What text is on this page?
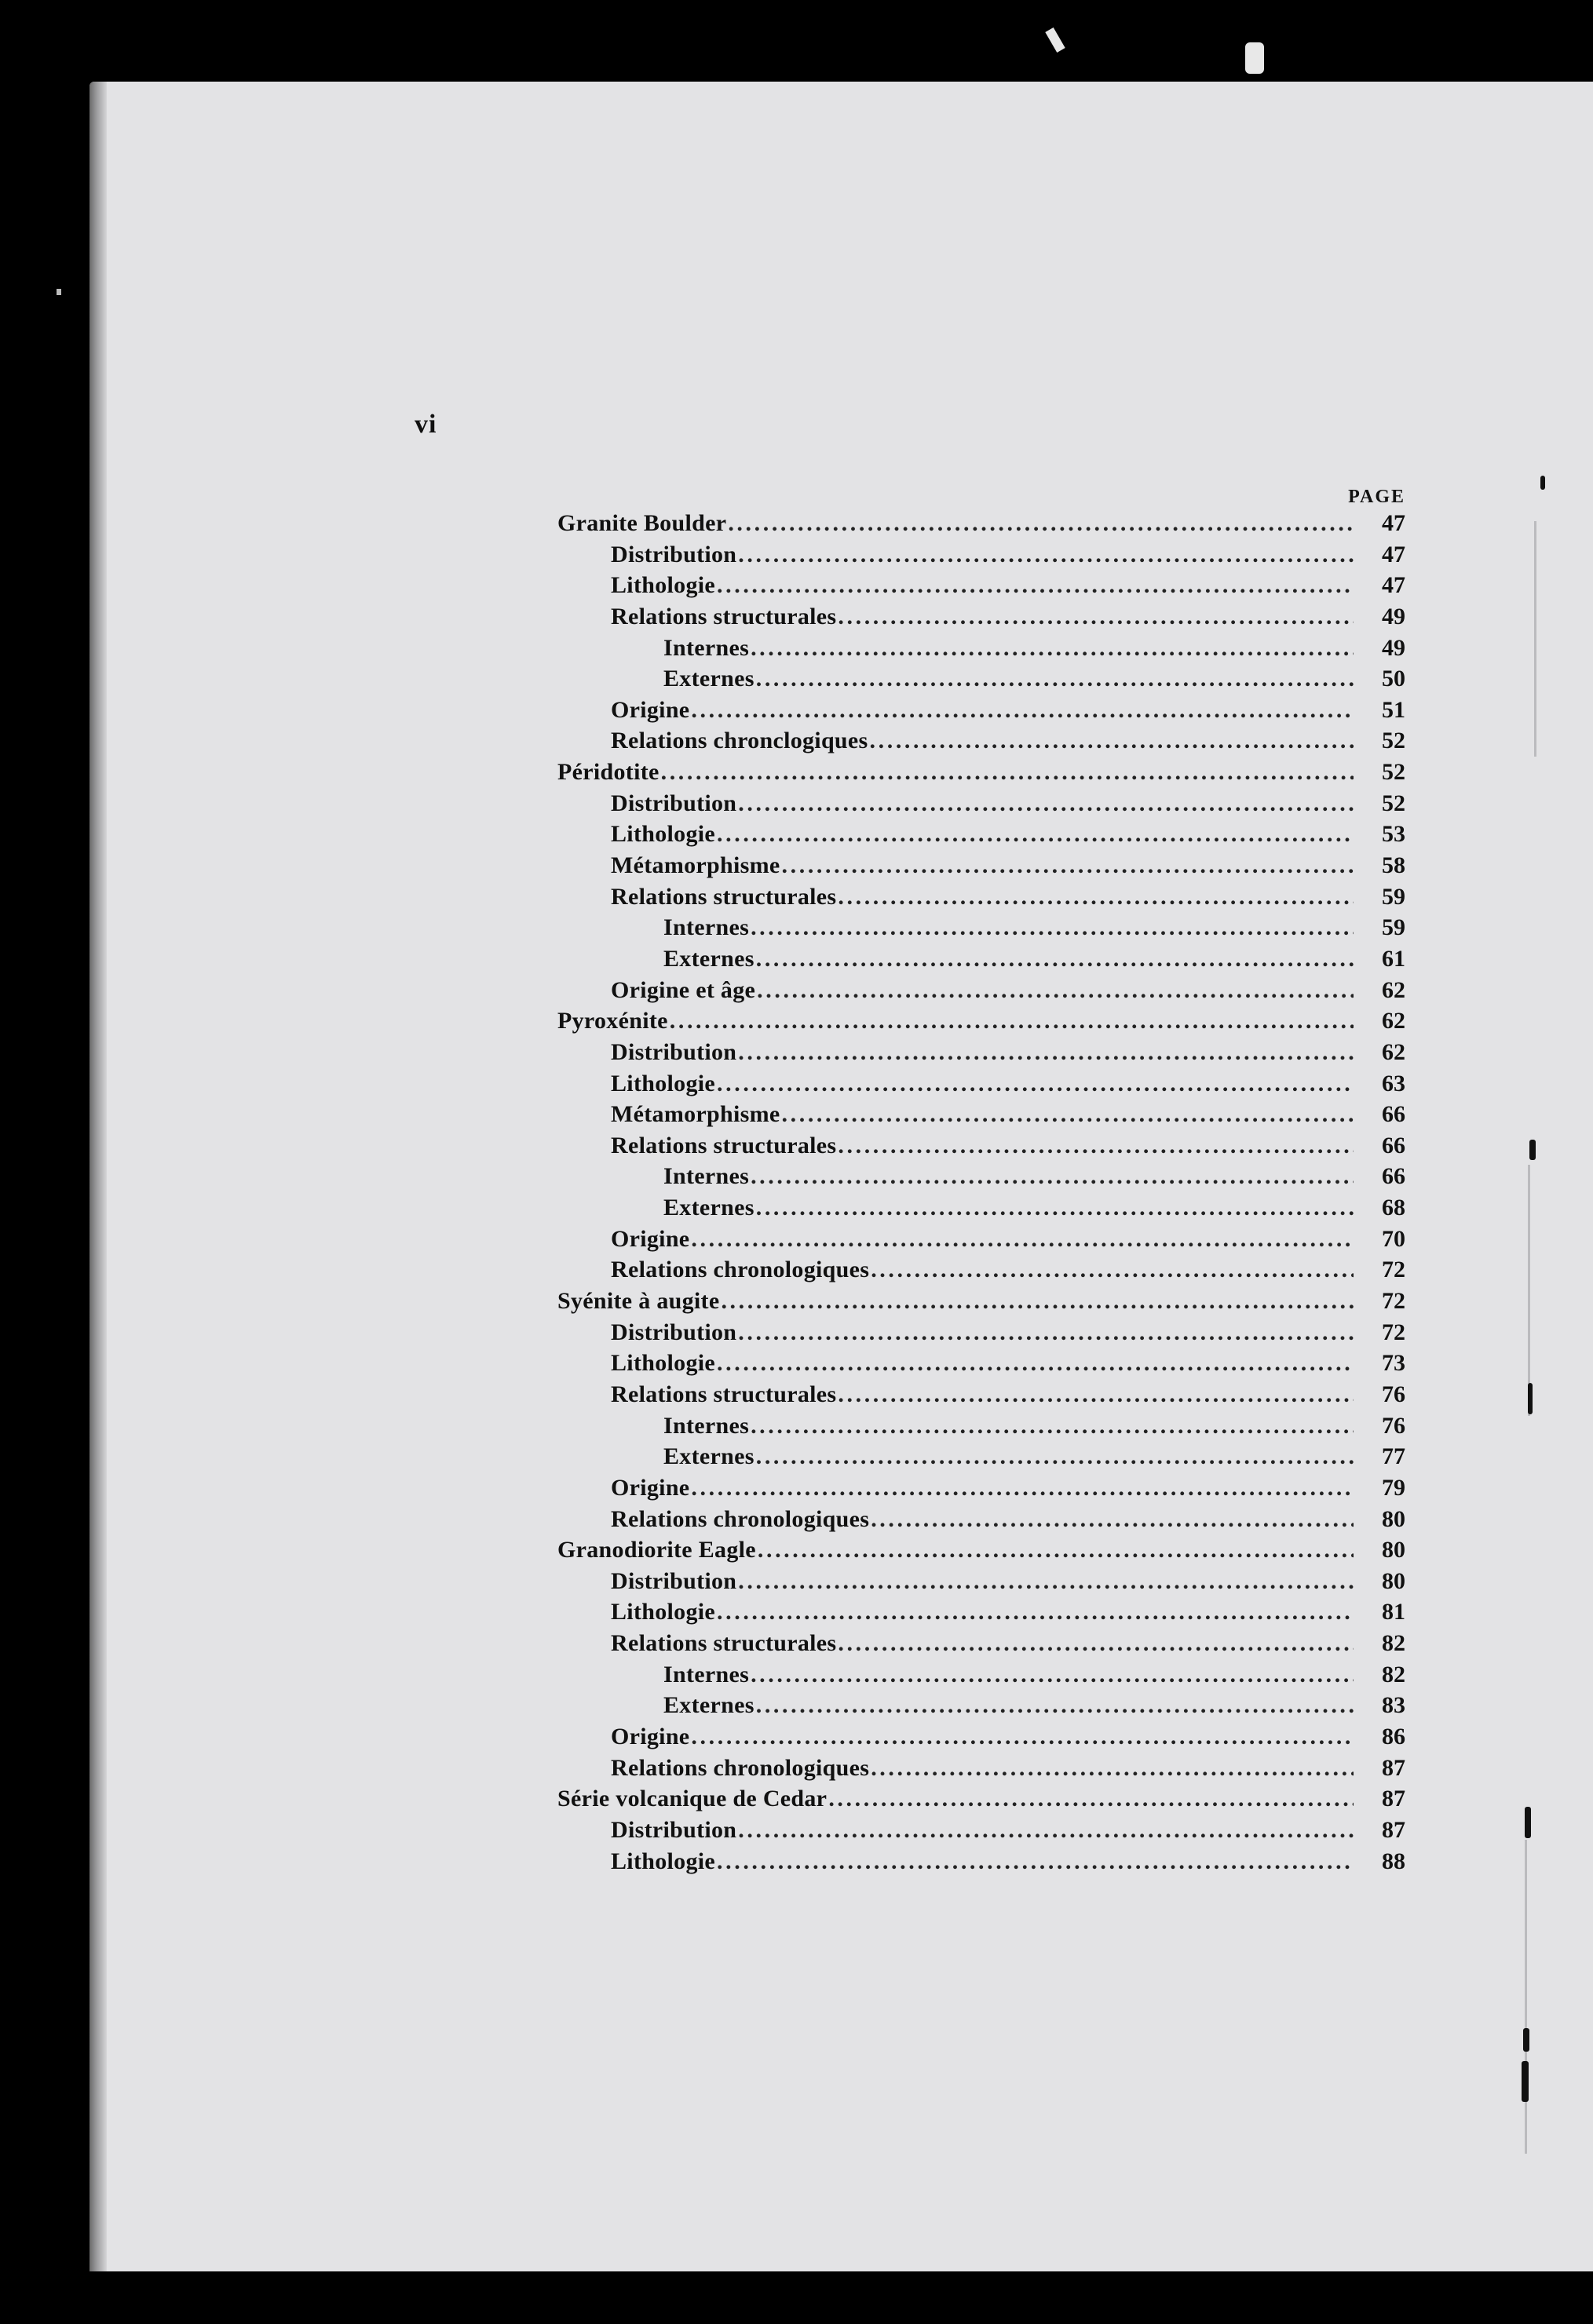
vi
PAGE
Granite Boulder .....	47
Distribution .....	47
Lithologie .....	47
Relations structurales .....	49
Internes .....	49
Externes .....	50
Origine .....	51
Relations chronclogiques .....	52
Péridotite .....	52
Distribution .....	52
Lithologie .....	53
Métamorphisme .....	58
Relations structurales .....	59
Internes .....	59
Externes .....	61
Origine et âge .....	62
Pyroxénite .....	62
Distribution .....	62
Lithologie .....	63
Métamorphisme .....	66
Relations structurales .....	66
Internes .....	66
Externes .....	68
Origine .....	70
Relations chronologiques .....	72
Syénite à augite .....	72
Distribution .....	72
Lithologie .....	73
Relations structurales .....	76
Internes .....	76
Externes .....	77
Origine .....	79
Relations chronologiques .....	80
Granodiorite Eagle .....	80
Distribution .....	80
Lithologie .....	81
Relations structurales .....	82
Internes .....	82
Externes .....	83
Origine .....	86
Relations chronologiques .....	87
Série volcanique de Cedar .....	87
Distribution .....	87
Lithologie .....	88
